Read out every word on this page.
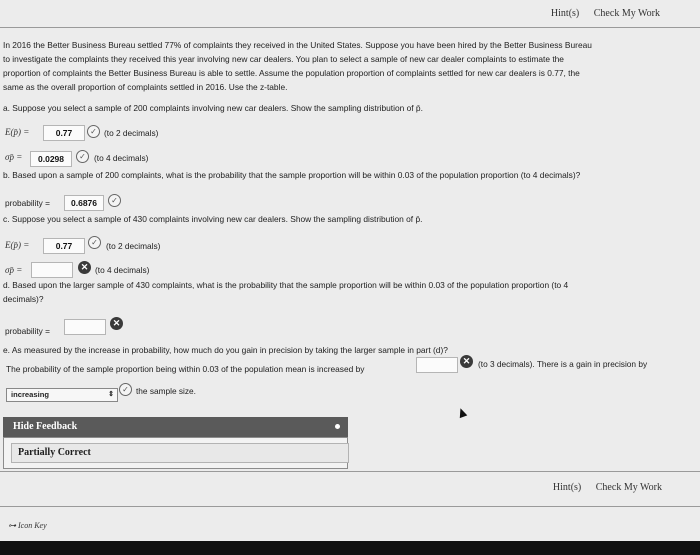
Hint(s) Check My Work
In 2016 the Better Business Bureau settled 77% of complaints they received in the United States. Suppose you have been hired by the Better Business Bureau
to investigate the complaints they received this year involving new car dealers. You plan to select a sample of new car dealer complaints to estimate the
proportion of complaints the Better Business Bureau is able to settle. Assume the population proportion of complaints settled for new car dealers is 0.77, the
same as the overall proportion of complaints settled in 2016. Use the z-table.
a. Suppose you select a sample of 200 complaints involving new car dealers. Show the sampling distribution of p̄.
E(p̄) =	0.77	✓ (to 2 decimals)
σp̄ =	0.0298	✓ (to 4 decimals)
b. Based upon a sample of 200 complaints, what is the probability that the sample proportion will be within 0.03 of the population proportion (to 4 decimals)?
probability =	0.6876	✓
c. Suppose you select a sample of 430 complaints involving new car dealers. Show the sampling distribution of p̄.
E(p̄) =	0.77	✓ (to 2 decimals)
σp̄ =	✕ (to 4 decimals)
d. Based upon the larger sample of 430 complaints, what is the probability that the sample proportion will be within 0.03 of the population proportion (to 4
decimals)?
probability =
✕
e. As measured by the increase in probability, how much do you gain in precision by taking the larger sample in part (d)?
The probability of the sample proportion being within 0.03 of the population mean is increased by
✕ (to 3 decimals). There is a gain in precision by
increasing	⇕
✓ the sample size.
Hide Feedback
Partially Correct
Hint(s) Check My Work
⊶ Icon Key
